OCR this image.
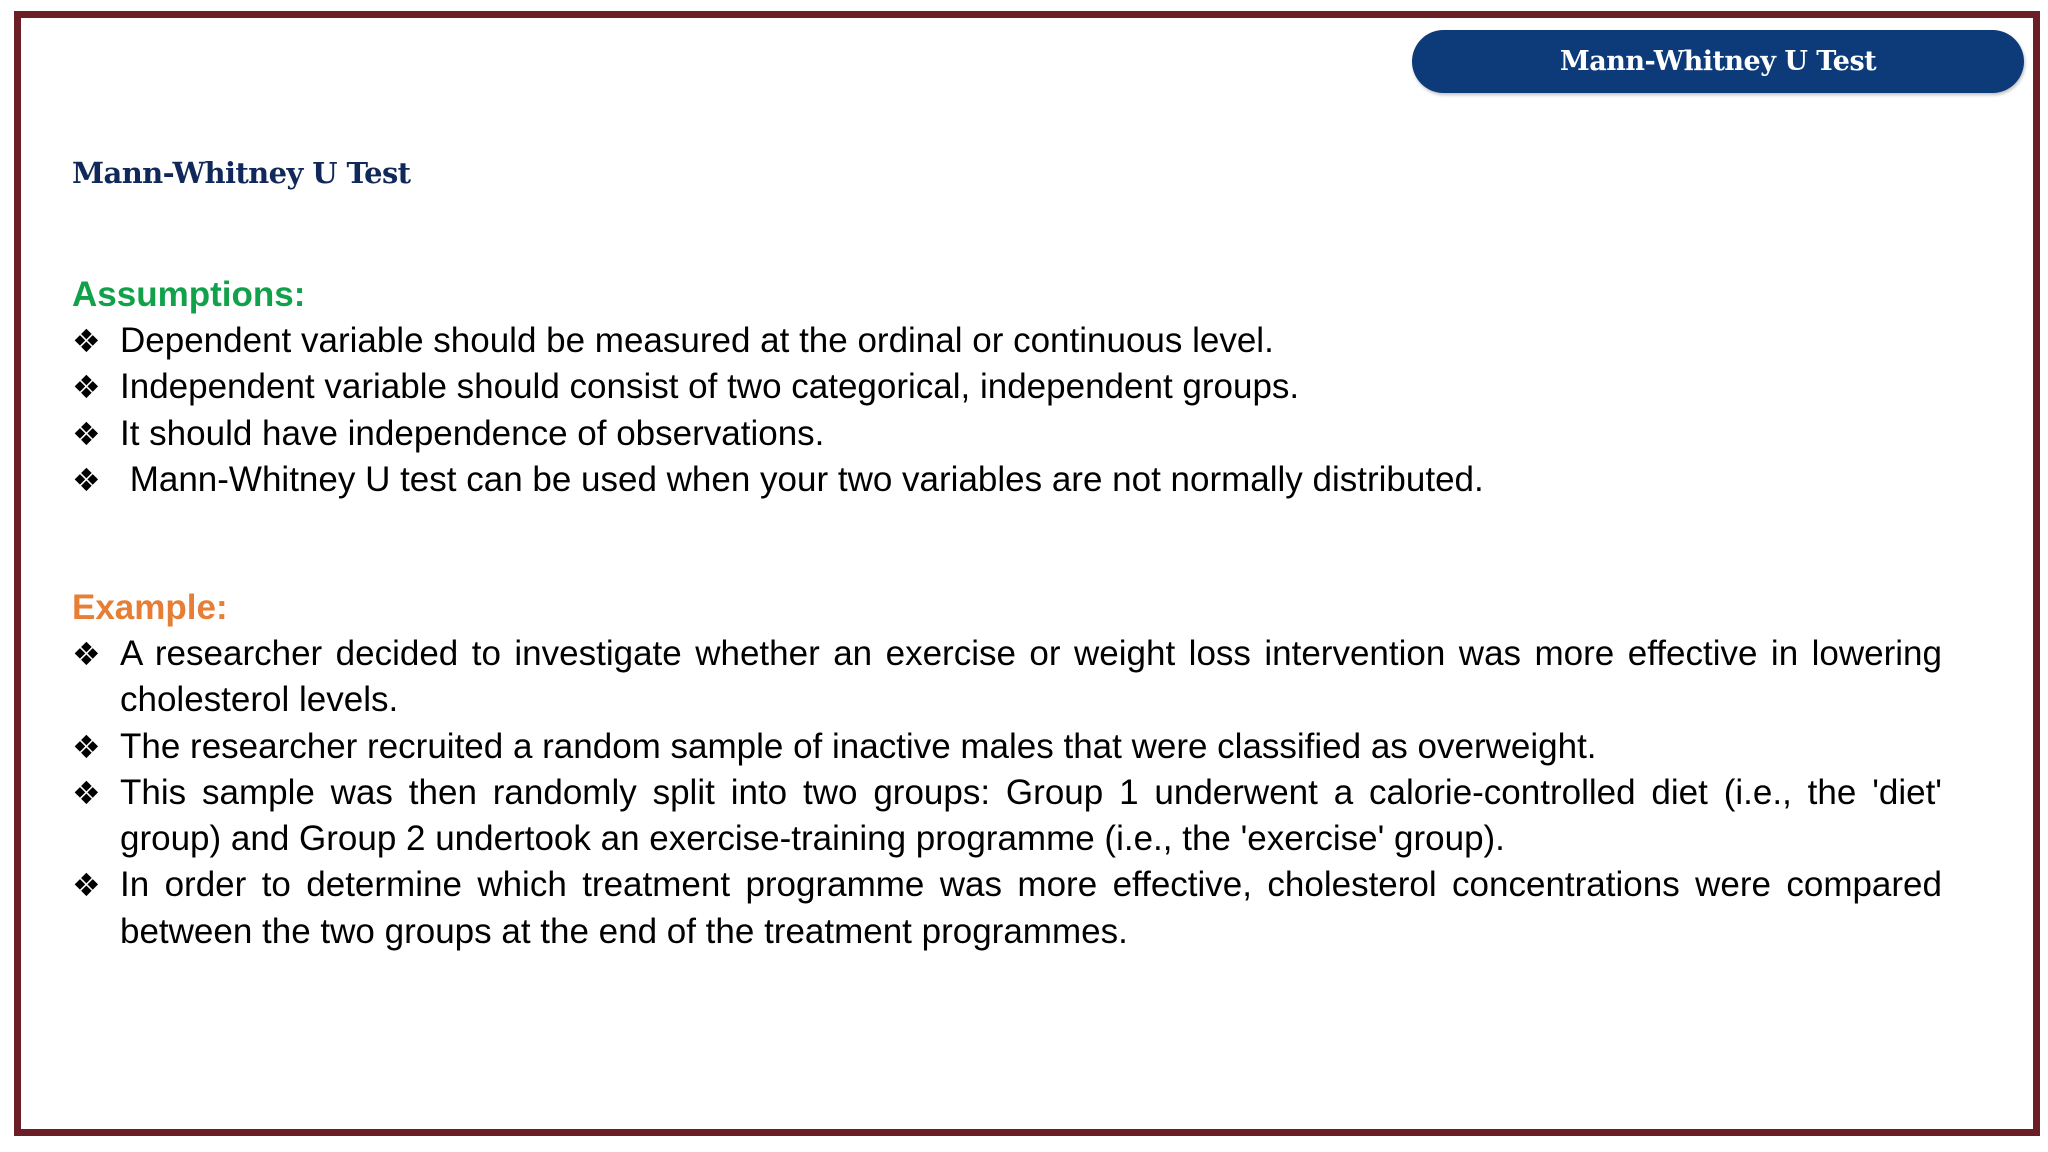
Mann-Whitney U Test
Mann-Whitney U Test
Assumptions:
❖ Dependent variable should be measured at the ordinal or continuous level.
❖ Independent variable should consist of two categorical, independent groups.
❖ It should have independence of observations.
❖ Mann-Whitney U test can be used when your two variables are not normally distributed.
Example:
❖ A researcher decided to investigate whether an exercise or weight loss intervention was more effective in lowering cholesterol levels.
❖ The researcher recruited a random sample of inactive males that were classified as overweight.
❖ This sample was then randomly split into two groups: Group 1 underwent a calorie-controlled diet (i.e., the 'diet' group) and Group 2 undertook an exercise-training programme (i.e., the 'exercise' group).
❖ In order to determine which treatment programme was more effective, cholesterol concentrations were compared between the two groups at the end of the treatment programmes.
